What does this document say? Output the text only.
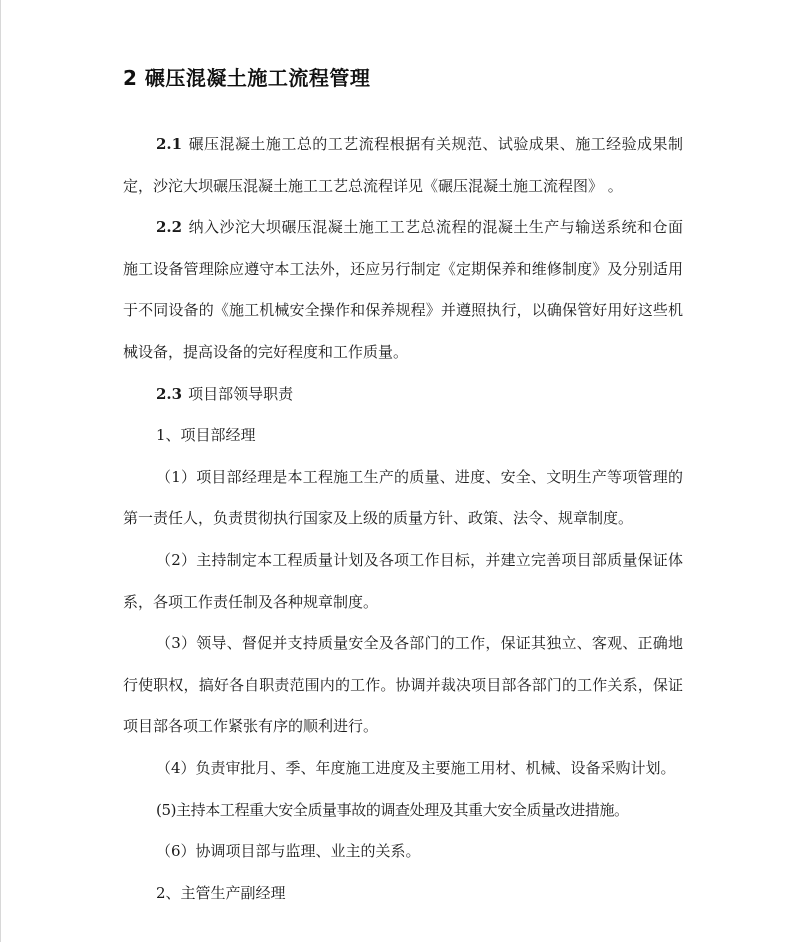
2 碾压混凝土施工流程管理

2.1 碾压混凝土施工总的工艺流程根据有关规范、试验成果、施工经验成果制定，沙沱大坝碾压混凝土施工工艺总流程详见《碾压混凝土施工流程图》 。

2.2 纳入沙沱大坝碾压混凝土施工工艺总流程的混凝土生产与输送系统和仓面施工设备管理除应遵守本工法外，还应另行制定《定期保养和维修制度》及分别适用于不同设备的《施工机械安全操作和保养规程》并遵照执行，以确保管好用好这些机械设备，提高设备的完好程度和工作质量。

2.3 项目部领导职责

1、项目部经理

（1）项目部经理是本工程施工生产的质量、进度、安全、文明生产等项管理的第一责任人，负责贯彻执行国家及上级的质量方针、政策、法令、规章制度。

（2）主持制定本工程质量计划及各项工作目标，并建立完善项目部质量保证体系，各项工作责任制及各种规章制度。

（3）领导、督促并支持质量安全及各部门的工作，保证其独立、客观、正确地行使职权，搞好各自职责范围内的工作。协调并裁决项目部各部门的工作关系，保证项目部各项工作紧张有序的顺利进行。

（4）负责审批月、季、年度施工进度及主要施工用材、机械、设备采购计划。

(5)主持本工程重大安全质量事故的调查处理及其重大安全质量改进措施。

（6）协调项目部与监理、业主的关系。

2、主管生产副经理
